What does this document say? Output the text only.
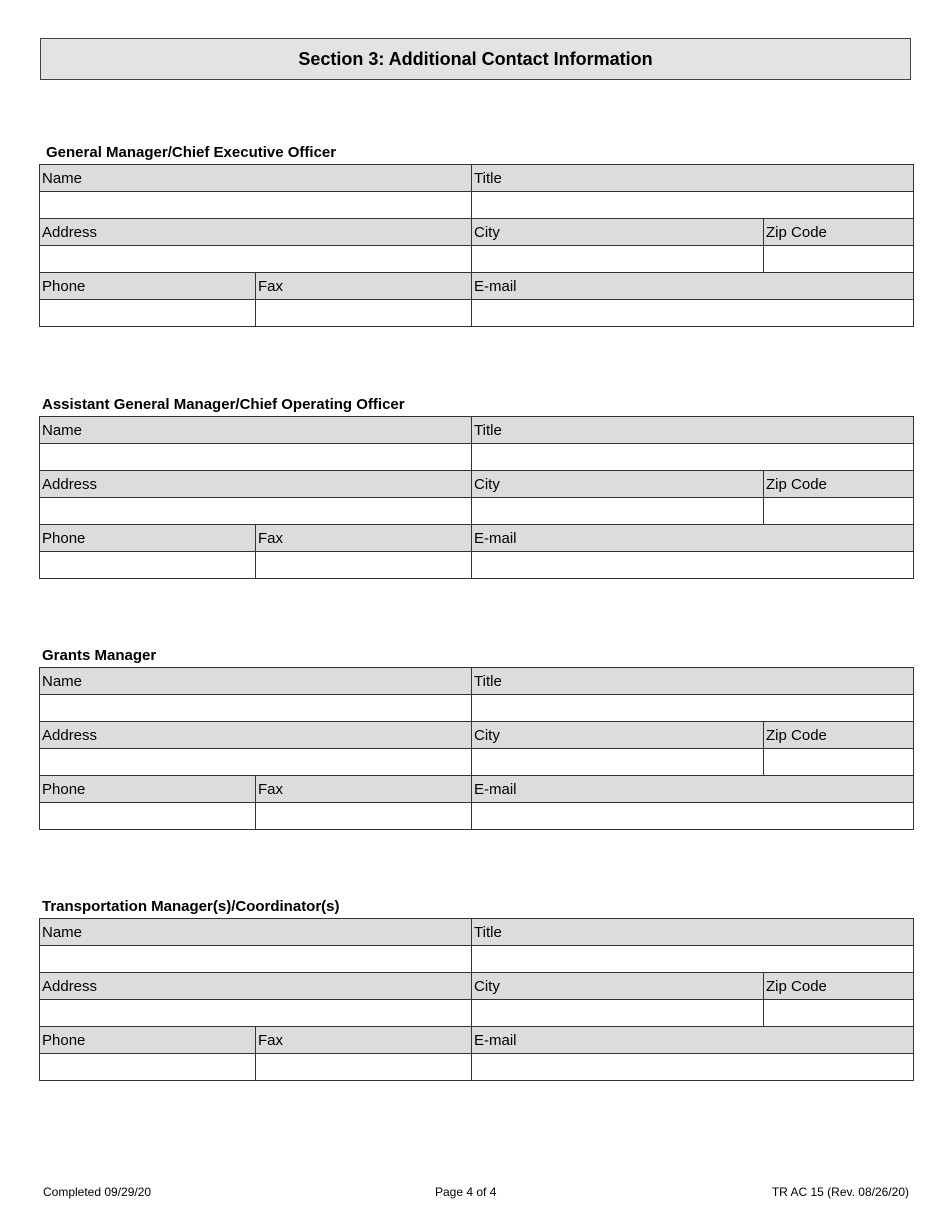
Section 3: Additional Contact Information
General Manager/Chief Executive Officer
Name		Title	

Address		City	Zip Code

Phone	Fax	E-mail	

Assistant General Manager/Chief Operating Officer
Name		Title	

Address		City	Zip Code

Phone	Fax	E-mail	

Grants Manager
Name		Title	

Address		City	Zip Code

Phone	Fax	E-mail	

Transportation Manager(s)/Coordinator(s)
Name		Title	

Address		City	Zip Code

Phone	Fax	E-mail	

Completed 09/29/20	Page 4 of 4	TR AC 15 (Rev. 08/26/20)
